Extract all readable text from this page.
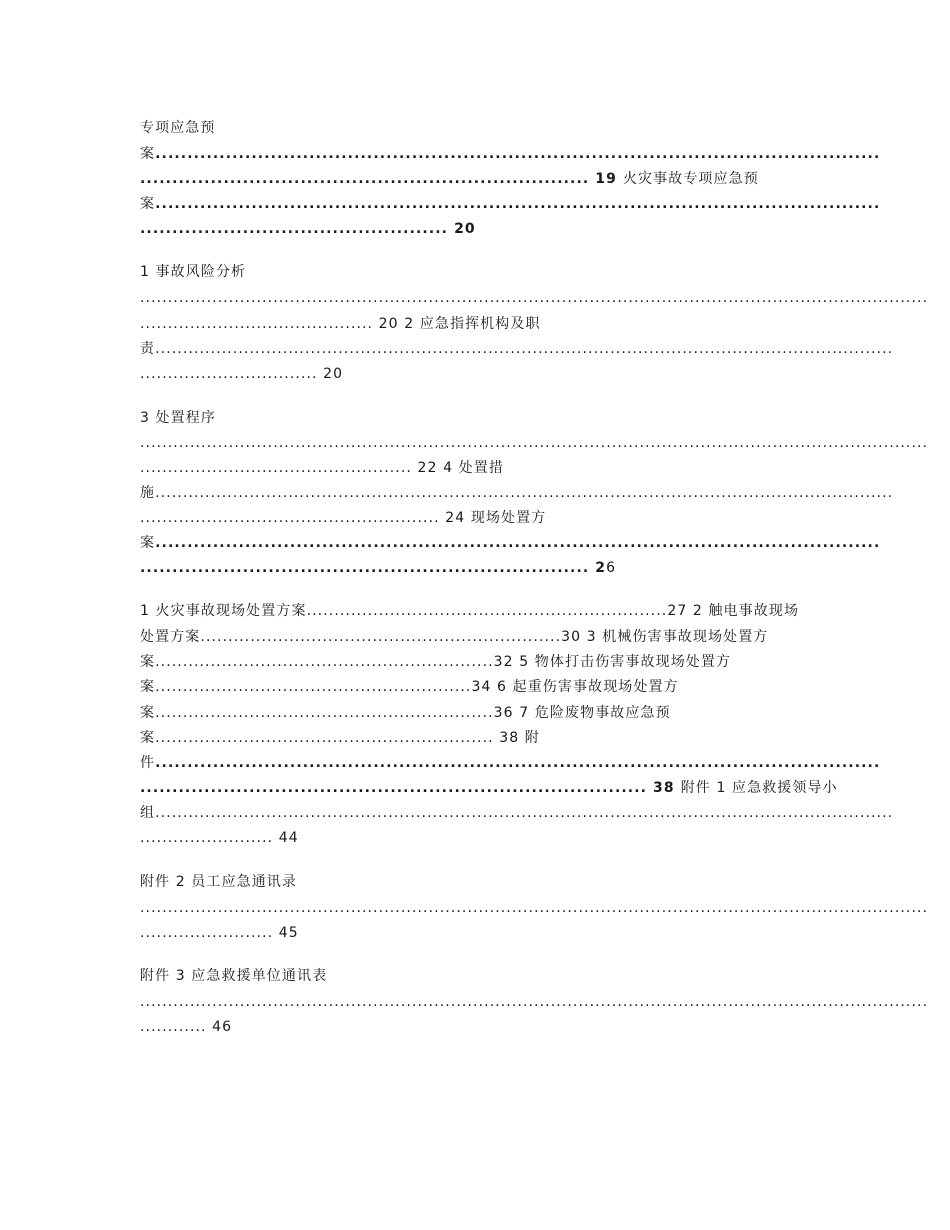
专项应急预
案.................................................................................................................
...................................................................... 19 火灾事故专项应急预
案.................................................................................................................
................................................ 20
1 事故风险分析
..............................................................................................................................................
.......................................... 20 2 应急指挥机构及职
责.....................................................................................................................................
................................ 20
3 处置程序
..............................................................................................................................................
................................................. 22 4 处置措
施.....................................................................................................................................
...................................................... 24 现场处置方
案.................................................................................................................
...................................................................... 26
1 火灾事故现场处置方案.................................................................27 2 触电事故现场
处置方案.................................................................30 3 机械伤害事故现场处置方
案.............................................................32 5 物体打击伤害事故现场处置方
案.........................................................34 6 起重伤害事故现场处置方
案.............................................................36 7 危险废物事故应急预
案............................................................. 38 附
件.................................................................................................................
............................................................................... 38 附件 1 应急救援领导小
组.....................................................................................................................................
........................ 44
附件 2 员工应急通讯录
..............................................................................................................................................
........................ 45
附件 3 应急救援单位通讯表
..............................................................................................................................................
............ 46
